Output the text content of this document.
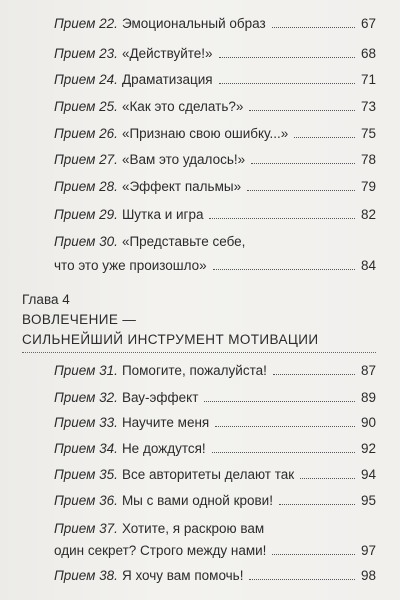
Прием 22. Эмоциональный образ	67
Прием 23. «Действуйте!»	68
Прием 24. Драматизация	71
Прием 25. «Как это сделать?»	73
Прием 26. «Признаю свою ошибку...»	75
Прием 27. «Вам это удалось!»	78
Прием 28. «Эффект пальмы»	79
Прием 29. Шутка и игра	82
Прием 30. «Представьте себе,
что это уже произошло»	84
Глава 4
ВОВЛЕЧЕНИЕ —
СИЛЬНЕЙШИЙ ИНСТРУМЕНТ МОТИВАЦИИ
Прием 31. Помогите, пожалуйста!	87
Прием 32. Вау-эффект	89
Прием 33. Научите меня	90
Прием 34. Не дождутся!	92
Прием 35. Все авторитеты делают так	94
Прием 36. Мы с вами одной крови!	95
Прием 37. Хотите, я раскрою вам
один секрет? Строго между нами!	97
Прием 38. Я хочу вам помочь!	98
